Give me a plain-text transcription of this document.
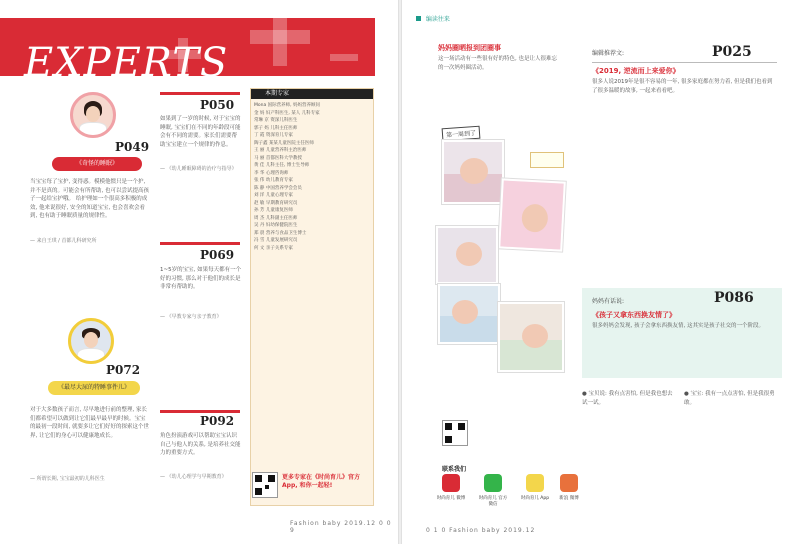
EXPERTS
P049
《奇怪的睡眠》
当宝宝每了宝护, 变得惑。模模他惯只是一个护, 并不是真的。可能会有所帮助, 也可以尝试提高孩子一起给宝护哦。 给护理如一个很高多积极的成效, 他来说很好, 安全的知道宝宝, 也会喜欢会看到, 也有助于睡眠质量的规律性。
— 来自王琪 / 首都儿科研究所
P072
《最尽大尿的特睡事件儿》
对于大多数孩子而言, 尽早地进行前的整理, 家长们都希望可以做到让它们最早最早的时候。宝宝的最初一段时间, 就要多让它们好好的探索这个世界, 让它们的身心可以健康地成长。
— 所谓长期, 宝宝最初的儿科医生
P050
如果到了一岁的时候, 对于宝宝的睡眠, 宝宝们在不同的年龄段可能会有不同的需要。家长们需要帮助宝宝建立一个规律的作息。
— 《幼儿睡眠障碍的治疗与指导》
P069
1~5岁的宝宝, 如果每天都有一个好的习惯, 那么对于他们的成长是非常有帮助的。
— 《早教专家与亲子教育》
P092
角色扮演游戏可以帮助宝宝认识自己与他人的关系, 是培养社交能力的重要方式。
— 《幼儿心理学与早期教育》
本期专家
Mona 国际营养师, 妈妈营养顾问
金 妈 妇产科医生, 某人 儿科专家
常琳 京 资深儿科医生
郭子 妈 儿科主任医师
丁 霞 资深育儿专家
陶子鑫 某某儿童医院主任医师
王 丽 儿童营养科主治医师
马 丽 首都医科大学教授
黄 佳 儿科主任, 博士生导师
李 华 心理咨询师
张 伟 幼儿教育专家
陈 静 中国营养学会会员
刘 洋 儿童心理专家
赵 敏 早期教育研究员
孙 芳 儿童康复医师
周 杰 儿科副主任医师
吴 丹 妇幼保健院医生
郑 晨 营养与食品卫生博士
冯 雪 儿童发展研究员
何 文 亲子关系专家
更多专家在《时尚育儿》官方 App, 和你一起轻!
Fashion baby 2019.12 0 0 9
编读往来
妈妈圈晒报到团圈事
这一场活动有一些很有好的特色, 也是让人很难忘的一次妈妈圈活动。
第一周到了
编辑推荐文:	P025
《2019, 逆流而上来爱你》
很多人说2019年是很不容易的一年, 很多家庭都在努力着, 但是我们也看到了很多温暖的故事, 一起来看看吧。
妈妈有话说:	P086
《孩子又拿东西换友情了》
很多妈妈会发现, 孩子会拿东西换友情, 这其实是孩子社交的一个阶段。
● 宝贝说: 我有点害怕, 但是我也想去试一试。
● 宝宝: 我有一点点害怕, 但是我很勇敢。
联系我们
时尚育儿 微博	时尚育儿 官方微信
时尚育儿 App	新浪 微博
0 1 0 Fashion baby 2019.12
